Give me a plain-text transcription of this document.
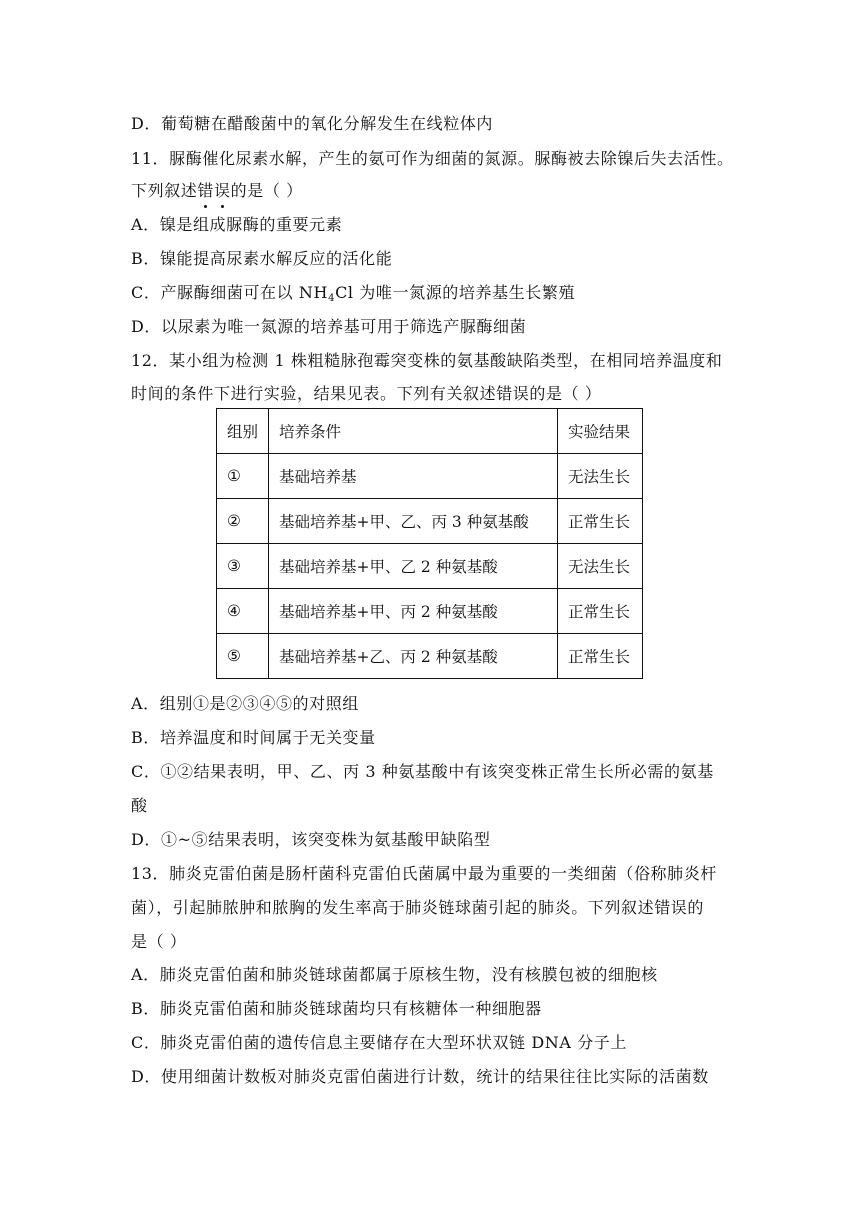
D．葡萄糖在醋酸菌中的氧化分解发生在线粒体内
11．脲酶催化尿素水解，产生的氨可作为细菌的氮源。脲酶被去除镍后失去活性。
下列叙述错误的是（ ）
A．镍是组成脲酶的重要元素
B．镍能提高尿素水解反应的活化能
C．产脲酶细菌可在以 $NH_4Cl$ 为唯一氮源的培养基生长繁殖
D．以尿素为唯一氮源的培养基可用于筛选产脲酶细菌
12．某小组为检测 1 株粗糙脉孢霉突变株的氨基酸缺陷类型，在相同培养温度和
时间的条件下进行实验，结果见表。下列有关叙述错误的是（ ）
组别	培养条件	实验结果
①	基础培养基	无法生长
②	基础培养基+甲、乙、丙 3 种氨基酸	正常生长
③	基础培养基+甲、乙 2 种氨基酸	无法生长
④	基础培养基+甲、丙 2 种氨基酸	正常生长
⑤	基础培养基+乙、丙 2 种氨基酸	正常生长
A．组别①是②③④⑤的对照组
B．培养温度和时间属于无关变量
C．①②结果表明，甲、乙、丙 3 种氨基酸中有该突变株正常生长所必需的氨基
酸
D．①~⑤结果表明，该突变株为氨基酸甲缺陷型
13．肺炎克雷伯菌是肠杆菌科克雷伯氏菌属中最为重要的一类细菌（俗称肺炎杆
菌），引起肺脓肿和脓胸的发生率高于肺炎链球菌引起的肺炎。下列叙述错误的
是（ ）
A．肺炎克雷伯菌和肺炎链球菌都属于原核生物，没有核膜包被的细胞核
B．肺炎克雷伯菌和肺炎链球菌均只有核糖体一种细胞器
C．肺炎克雷伯菌的遗传信息主要储存在大型环状双链 DNA 分子上
D．使用细菌计数板对肺炎克雷伯菌进行计数，统计的结果往往比实际的活菌数
